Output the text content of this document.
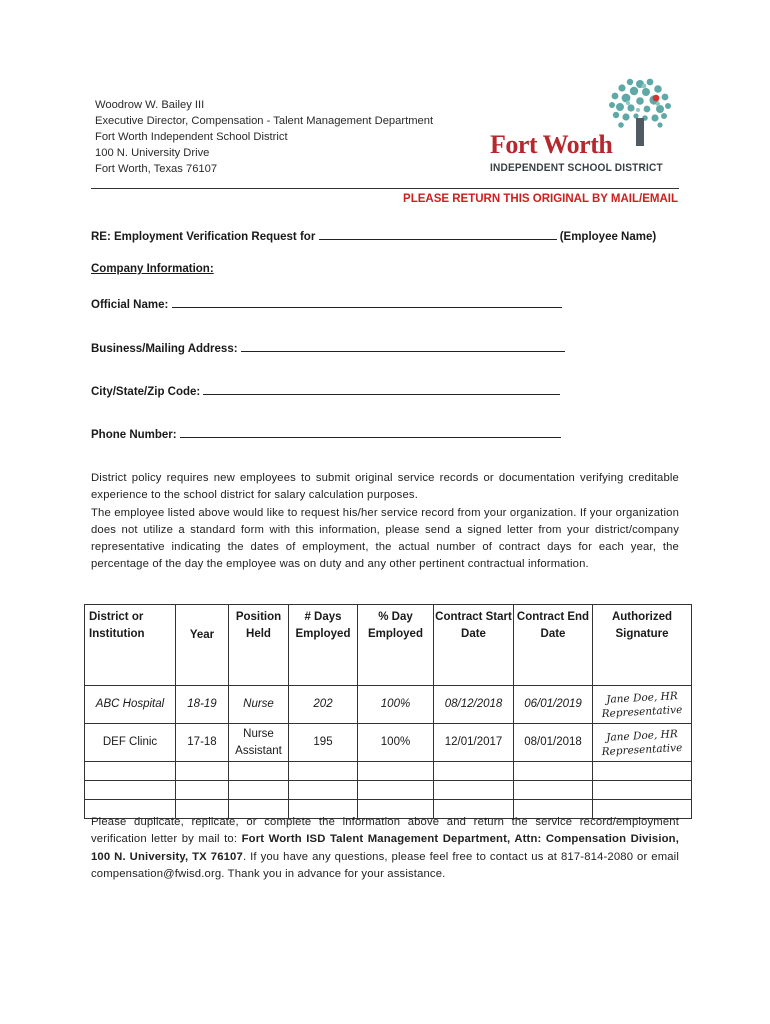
Woodrow W. Bailey III
Executive Director, Compensation - Talent Management Department
Fort Worth Independent School District
100 N. University Drive
Fort Worth, Texas 76107
Fort Worth
INDEPENDENT SCHOOL DISTRICT
PLEASE RETURN THIS ORIGINAL BY MAIL/EMAIL
RE: Employment Verification Request for	(Employee Name)
Company Information:
Official Name:
Business/Mailing Address:
City/State/Zip Code:
Phone Number:
District policy requires new employees to submit original service records or documentation verifying creditable experience to the school district for salary calculation purposes.
The employee listed above would like to request his/her service record from your organization. If your organization does not utilize a standard form with this information, please send a signed letter from your district/company representative indicating the dates of employment, the actual number of contract days for each year, the percentage of the day the employee was on duty and any other pertinent contractual information.
District or Institution	Year	Position Held	# Days Employed	% Day Employed	Contract Start Date	Contract End Date	Authorized Signature
ABC Hospital	18-19	Nurse	202	100%	08/12/2018	06/01/2019	Jane Doe, HR
Representative

DEF Clinic	17-18	Nurse Assistant	195	100%	12/01/2017	08/01/2018	Jane Doe, HR
Representative

Please duplicate, replicate, or complete the information above and return the service record/employment verification letter by mail to: Fort Worth ISD Talent Management Department, Attn: Compensation Division, 100 N. University, TX 76107. If you have any questions, please feel free to contact us at 817-814-2080 or email compensation@fwisd.org. Thank you in advance for your assistance.
